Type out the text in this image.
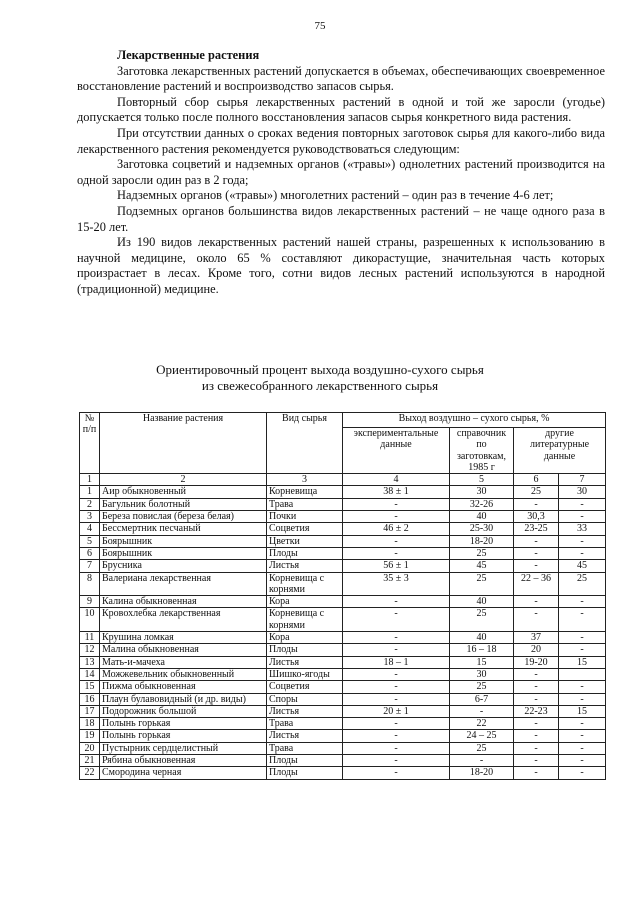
75

Лекарственные растения

Заготовка лекарственных растений допускается в объемах, обеспечивающих своевременное восстановление растений и воспроизводство запасов сырья.

Повторный сбор сырья лекарственных растений в одной и той же заросли (угодье) допускается только после полного восстановления запасов сырья конкретного вида растения.

При отсутствии данных о сроках ведения повторных заготовок сырья для какого-либо вида лекарственного растения рекомендуется руководствоваться следующим:

Заготовка соцветий и надземных органов («травы») однолетних растений производится на одной заросли один раз в 2 года;

Надземных органов («травы») многолетних растений – один раз в течение 4-6 лет;

Подземных органов большинства видов лекарственных растений – не чаще одного раза в 15-20 лет.

Из 190 видов лекарственных растений нашей страны, разрешенных к использованию в научной медицине, около 65 % составляют дикорастущие, значительная часть которых произрастает в лесах. Кроме того, сотни видов лесных растений используются в народной (традиционной) медицине.

Ориентировочный процент выхода воздушно-сухого сырья
из свежесобранного лекарственного сырья
№ п/п	Название растения	Вид сырья	Выход воздушно – сухого сырья, %			
			экспериментальные данные	справочник по заготовкам, 1985 г	другие литературные данные	
1	2	3	4	5	6	7
1	Аир обыкновенный	Корневища	38 ± 1	30	25	30
2	Багульник болотный	Трава	-	32-26	-	-
3	Береза повислая (береза белая)	Почки	-	40	30,3	-
4	Бессмертник песчаный	Соцветия	46 ± 2	25-30	23-25	33
5	Боярышник	Цветки	-	18-20	-	-
6	Боярышник	Плоды	-	25	-	-
7	Брусника	Листья	56 ± 1	45	-	45
8	Валериана лекарственная	Корневища с корнями	35 ± 3	25	22 – 36	25
9	Калина обыкновенная	Кора	-	40	-	-
10	Кровохлебка лекарственная	Корневища с корнями	-	25	-	-
11	Крушина ломкая	Кора	-	40	37	-
12	Малина обыкновенная	Плоды	-	16 – 18	20	-
13	Мать-и-мачеха	Листья	18 – 1	15	19-20	15
14	Можжевельник обыкновенный	Шишко-ягоды	-	30	-	
15	Пижма обыкновенная	Соцветия	-	25	-	-
16	Плаун булавовидный (и др. виды)	Споры	-	6-7	-	-
17	Подорожник большой	Листья	20 ± 1	-	22-23	15
18	Полынь горькая	Трава	-	22	-	-
19	Полынь горькая	Листья	-	24 – 25	-	-
20	Пустырник сердцелистный	Трава	-	25	-	-
21	Рябина обыкновенная	Плоды	-	-	-	-
22	Смородина черная	Плоды	-	18-20	-	-
